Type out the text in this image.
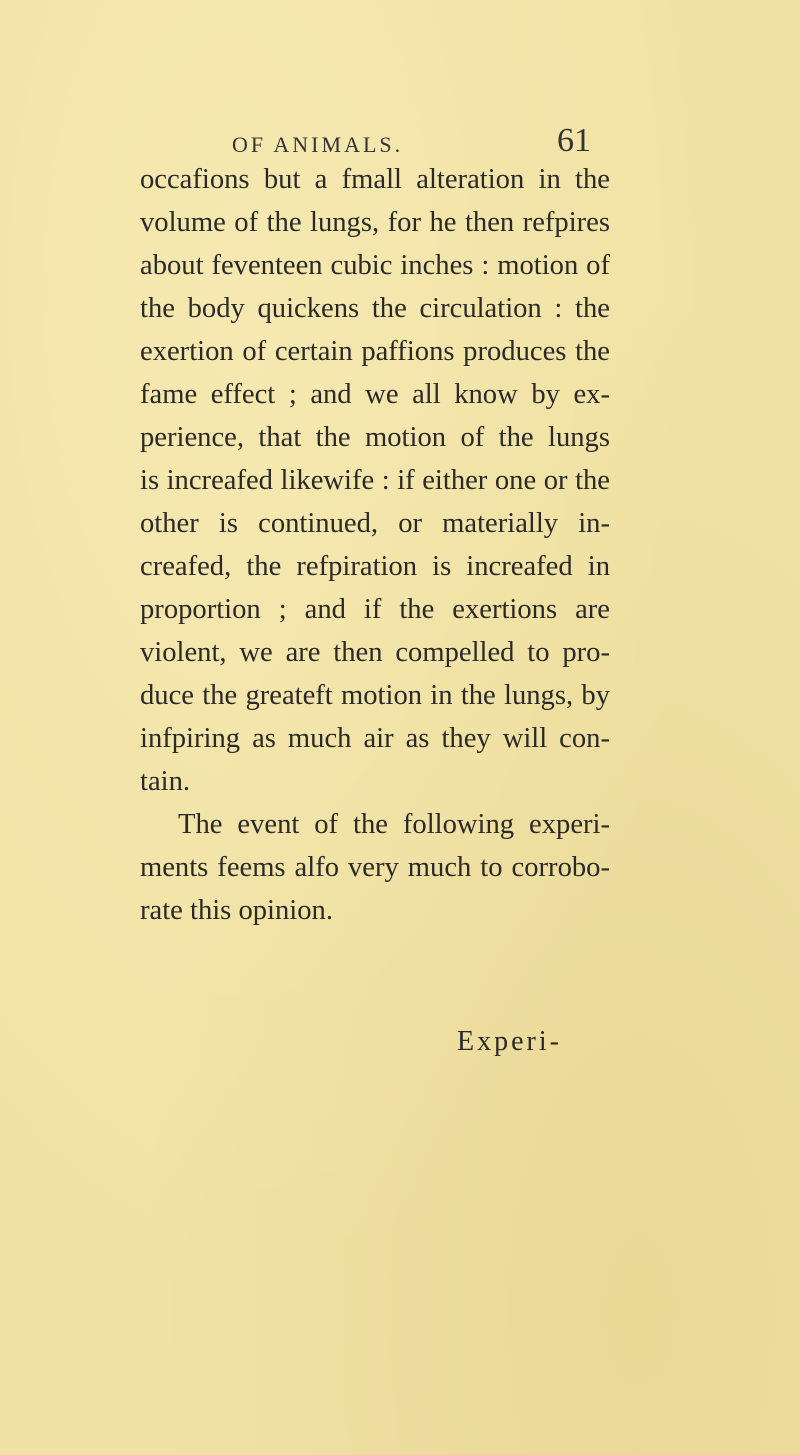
OF ANIMALS.	61
occafions but a fmall alteration in the
volume of the lungs, for he then refpires
about feventeen cubic inches : motion of
the body quickens the circulation : the
exertion of certain paffions produces the
fame effect ; and we all know by ex-
perience, that the motion of the lungs
is increafed likewife : if either one or the
other is continued, or materially in-
creafed, the refpiration is increafed in
proportion ; and if the exertions are
violent, we are then compelled to pro-
duce the greateft motion in the lungs, by
infpiring as much air as they will con-
tain.
The event of the following experi-
ments feems alfo very much to corrobo-
rate this opinion.
Experi-
